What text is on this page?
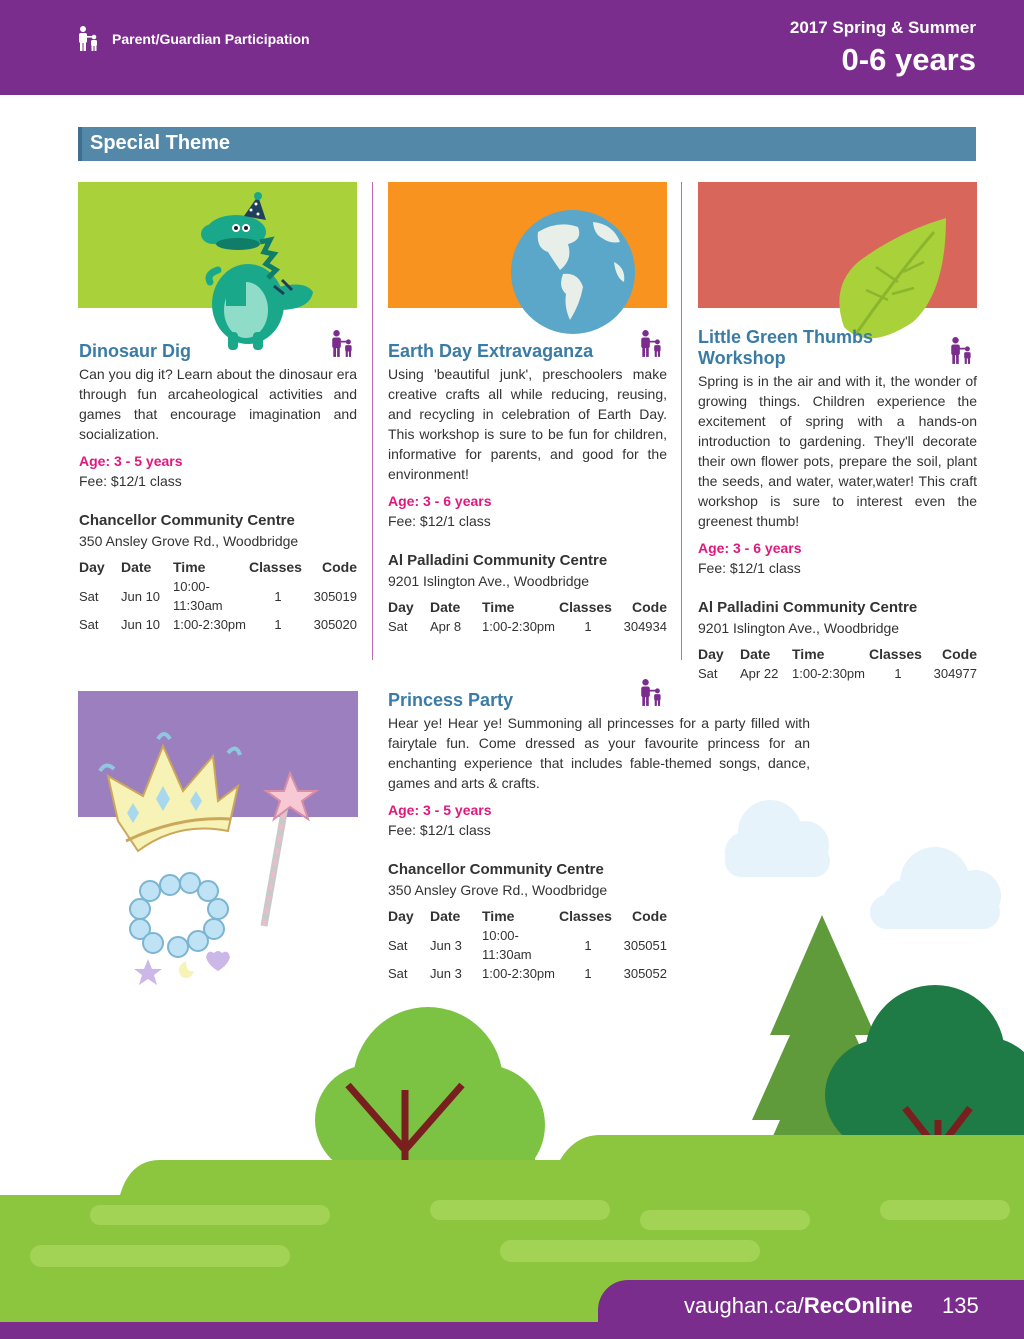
Parent/Guardian Participation
2017 Spring & Summer
0-6 years
Special Theme
Dinosaur Dig

Can you dig it? Learn about the dinosaur era through fun arcaheological activities and games that encourage imagination and socialization.

Age: 3 - 5 years
Fee: $12/1 class
Chancellor Community Centre
350 Ansley Grove Rd., Woodbridge
Day	Date	Time	Classes	Code
Sat	Jun 10	10:00-11:30am	1	305019
Sat	Jun 10	1:00-2:30pm	1	305020
Earth Day Extravaganza

Using 'beautiful junk', preschoolers make creative crafts all while reducing, reusing, and recycling in celebration of Earth Day. This workshop is sure to be fun for children, informative for parents, and good for the environment!

Age: 3 - 6 years
Fee: $12/1 class
Al Palladini Community Centre
9201 Islington Ave., Woodbridge
Day	Date	Time	Classes	Code
Sat	Apr 8	1:00-2:30pm	1	304934
Little Green Thumbs Workshop

Spring is in the air and with it, the wonder of growing things. Children experience the excitement of spring with a hands-on introduction to gardening. They'll decorate their own flower pots, prepare the soil, plant the seeds, and water, water,water! This craft workshop is sure to interest even the greenest thumb!

Age: 3 - 6 years
Fee: $12/1 class
Al Palladini Community Centre
9201 Islington Ave., Woodbridge
Day	Date	Time	Classes	Code
Sat	Apr 22	1:00-2:30pm	1	304977
Princess Party

Hear ye! Hear ye! Summoning all princesses for a party filled with fairytale fun. Come dressed as your favourite princess for an enchanting experience that includes fable-themed songs, dance, games and arts & crafts.

Age: 3 - 5 years
Fee: $12/1 class
Chancellor Community Centre
350 Ansley Grove Rd., Woodbridge
Day	Date	Time	Classes	Code
Sat	Jun 3	10:00-11:30am	1	305051
Sat	Jun 3	1:00-2:30pm	1	305052
vaughan.ca/RecOnline 135
